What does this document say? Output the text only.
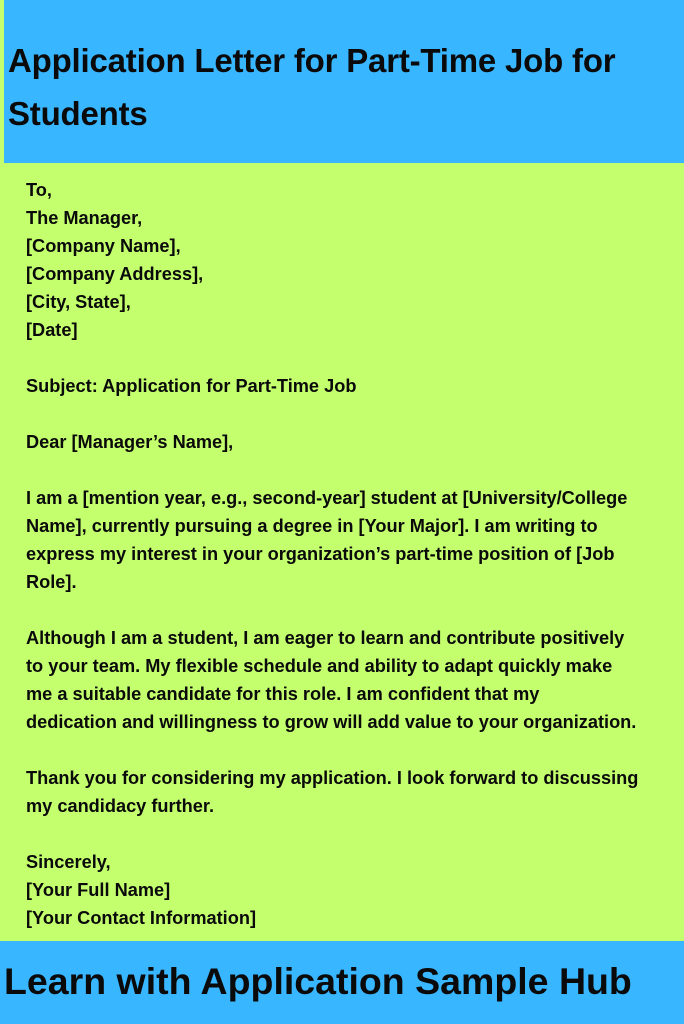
Application Letter for Part-Time Job for
Students
To,
The Manager,
[Company Name],
[Company Address],
[City, State],
[Date]
Subject: Application for Part-Time Job
Dear [Manager’s Name],
I am a [mention year, e.g., second-year] student at [University/College
Name], currently pursuing a degree in [Your Major]. I am writing to
express my interest in your organization’s part-time position of [Job
Role].
Although I am a student, I am eager to learn and contribute positively
to your team. My flexible schedule and ability to adapt quickly make
me a suitable candidate for this role. I am confident that my
dedication and willingness to grow will add value to your organization.
Thank you for considering my application. I look forward to discussing
my candidacy further.
Sincerely,
[Your Full Name]
[Your Contact Information]

Learn with Application Sample Hub
